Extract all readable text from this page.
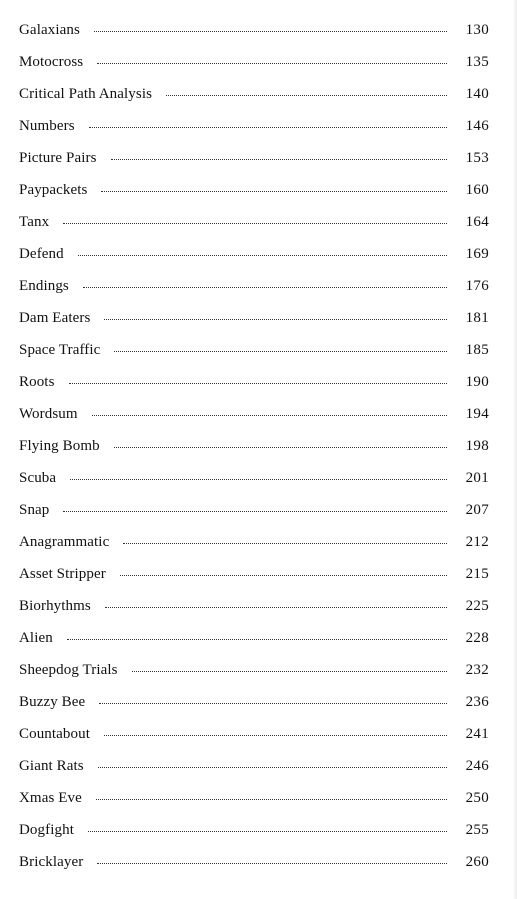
Galaxians	130
Motocross	135
Critical Path Analysis	140
Numbers	146
Picture Pairs	153
Paypackets	160
Tanx	164
Defend	169
Endings	176
Dam Eaters	181
Space Traffic	185
Roots	190
Wordsum	194
Flying Bomb	198
Scuba	201
Snap	207
Anagrammatic	212
Asset Stripper	215
Biorhythms	225
Alien	228
Sheepdog Trials	232
Buzzy Bee	236
Countabout	241
Giant Rats	246
Xmas Eve	250
Dogfight	255
Bricklayer	260
